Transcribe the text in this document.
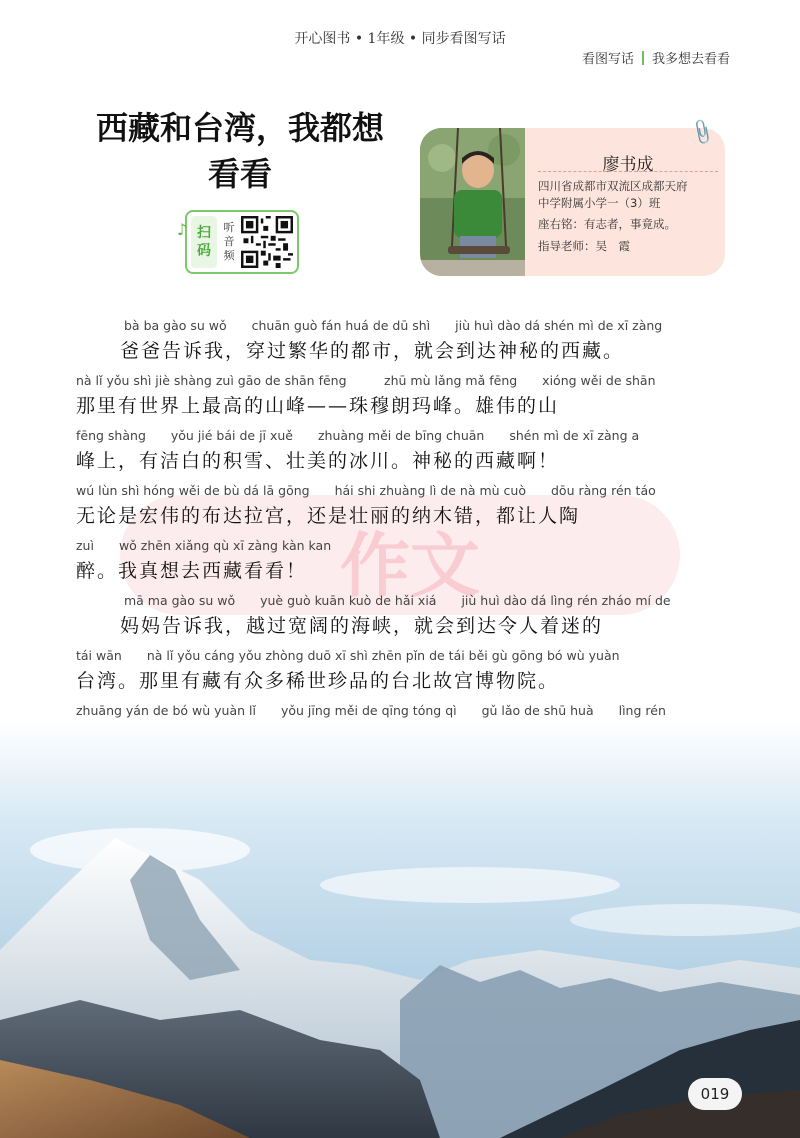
开心图书 • 1年级 • 同步看图写话
看图写话 我多想去看看
西藏和台湾，我都想
看看
♪ 扫
码
听
音
频
📎
廖书成
四川省成都市双流区成都天府
中学附属小学一（3）班
座右铭：有志者，事竟成。
指导老师：吴　霞
作文
bà ba gào su wǒ　　chuān guò fán huá de dū shì　　jiù huì dào dá shén mì de xī zàng
爸爸告诉我，穿过繁华的都市，就会到达神秘的西藏。
nà lǐ yǒu shì jiè shàng zuì gāo de shān fēng　　　zhū mù lǎng mǎ fēng　　xióng wěi de shān
那里有世界上最高的山峰——珠穆朗玛峰。雄伟的山
fēng shàng　　yǒu jié bái de jī xuě　　zhuàng měi de bīng chuān　　shén mì de xī zàng a
峰上，有洁白的积雪、壮美的冰川。神秘的西藏啊！
wú lùn shì hóng wěi de bù dá lā gōng　　hái shi zhuàng lì de nà mù cuò　　dōu ràng rén táo
无论是宏伟的布达拉宫，还是壮丽的纳木错，都让人陶
zuì　　wǒ zhēn xiǎng qù xī zàng kàn kan
醉。我真想去西藏看看！
mā ma gào su wǒ　　yuè guò kuān kuò de hǎi xiá　　jiù huì dào dá lìng rén zháo mí de
妈妈告诉我，越过宽阔的海峡，就会到达令人着迷的
tái wān　　nà lǐ yǒu cáng yǒu zhòng duō xī shì zhēn pǐn de tái běi gù gōng bó wù yuàn
台湾。那里有藏有众多稀世珍品的台北故宫博物院。
zhuāng yán de bó wù yuàn lǐ　　yǒu jīng měi de qīng tóng qì　　gǔ lǎo de shū huà　　lìng rén
019
